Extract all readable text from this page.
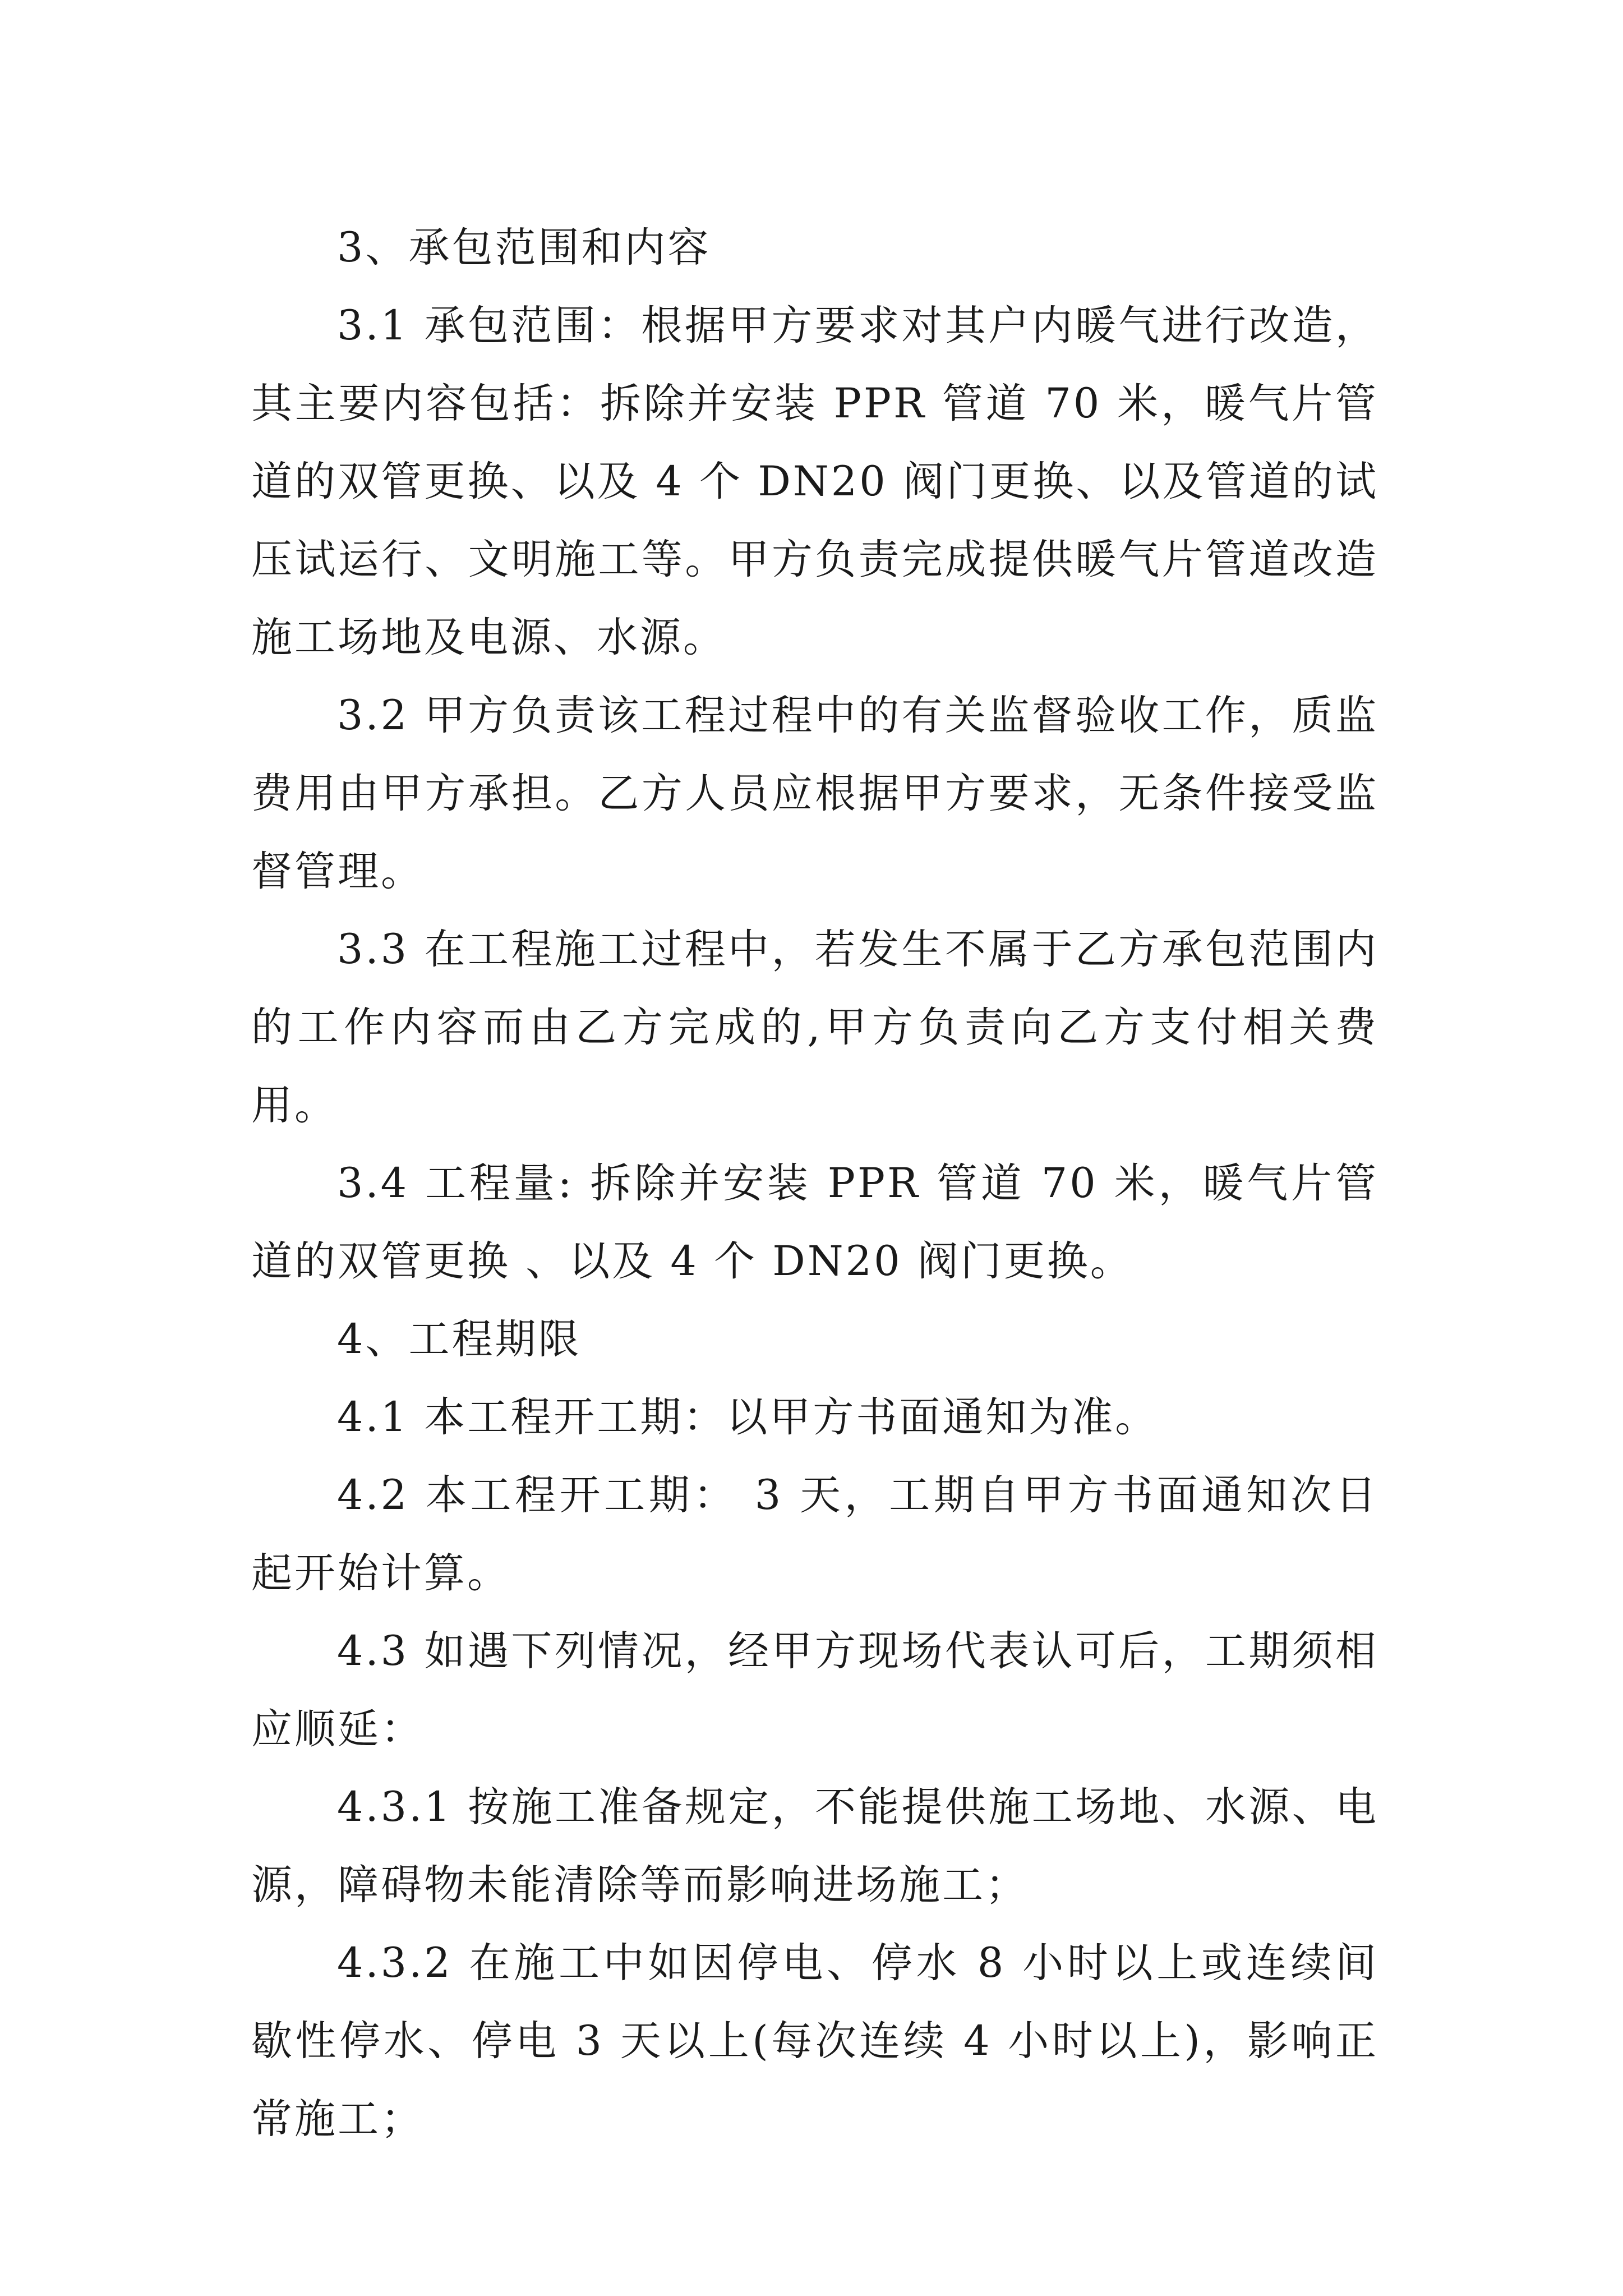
3、承包范围和内容

3.1 承包范围：根据甲方要求对其户内暖气进行改造，其主要内容包括：拆除并安装 PPR 管道 70 米，暖气片管道的双管更换、以及 4 个 DN20 阀门更换、以及管道的试压试运行、文明施工等。甲方负责完成提供暖气片管道改造施工场地及电源、水源。

3.2 甲方负责该工程过程中的有关监督验收工作，质监费用由甲方承担。乙方人员应根据甲方要求，无条件接受监督管理。

3.3 在工程施工过程中，若发生不属于乙方承包范围内的工作内容而由乙方完成的,甲方负责向乙方支付相关费用。

3.4 工程量: 拆除并安装 PPR 管道 70 米，暖气片管道的双管更换 、以及 4 个 DN20 阀门更换。

4、工程期限

4.1 本工程开工期：以甲方书面通知为准。

4.2 本工程开工期： 3 天，工期自甲方书面通知次日起开始计算。

4.3 如遇下列情况，经甲方现场代表认可后，工期须相应顺延：

4.3.1 按施工准备规定，不能提供施工场地、水源、电源，障碍物未能清除等而影响进场施工；

4.3.2 在施工中如因停电、停水 8 小时以上或连续间歇性停水、停电 3 天以上(每次连续 4 小时以上)，影响正常施工；
